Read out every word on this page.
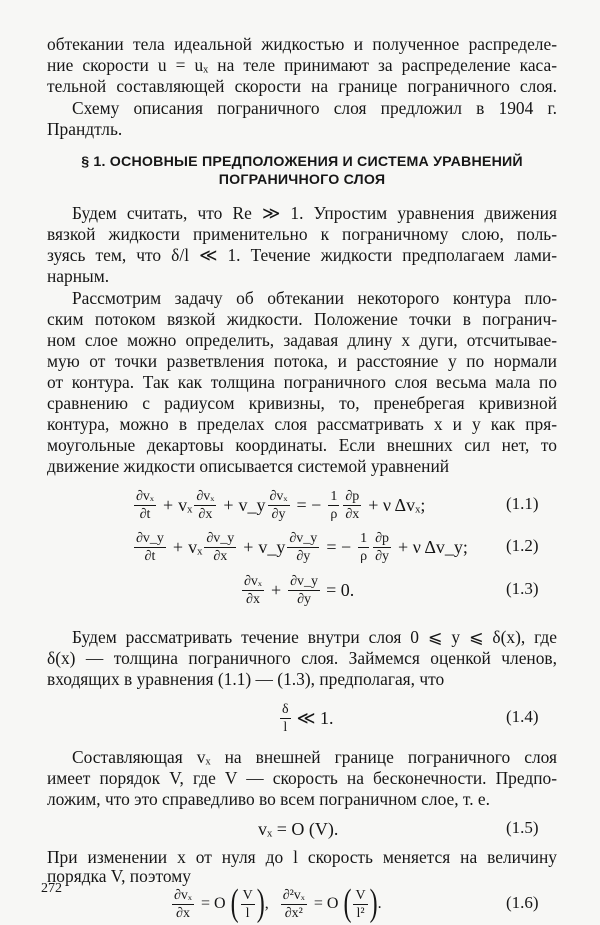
обтекании тела идеальной жидкостью и полученное распределе-
ние скорости u = uₓ на теле принимают за распределение каса-
тельной составляющей скорости на границе пограничного слоя.
Схему описания пограничного слоя предложил в 1904 г.
Прандтль.
§ 1. ОСНОВНЫЕ ПРЕДПОЛОЖЕНИЯ И СИСТЕМА УРАВНЕНИЙ
ПОГРАНИЧНОГО СЛОЯ
Будем считать, что Re ≫ 1. Упростим уравнения движения
вязкой жидкости применительно к пограничному слою, поль-
зуясь тем, что δ/l ≪ 1. Течение жидкости предполагаем лами-
нарным.
Рассмотрим задачу об обтекании некоторого контура пло-
ским потоком вязкой жидкости. Положение точки в погранич-
ном слое можно определить, задавая длину x дуги, отсчитывае-
мую от точки разветвления потока, и расстояние y по нормали
от контура. Так как толщина пограничного слоя весьма мала по
сравнению с радиусом кривизны, то, пренебрегая кривизной
контура, можно в пределах слоя рассматривать x и y как пря-
моугольные декартовы координаты. Если внешних сил нет, то
движение жидкости описывается системой уравнений
$\frac{\text{∂vₓ}}{\partial t} + v_x \frac{\text{∂vₓ}}{\partial x}$ + v_y $\frac{\text{∂vₓ}}{\partial y}$ = − $\frac{1}{\rho} \frac{\partial p}{\partial x} + \nu$ Δvₓ;	(1.1)
$\frac{\partial v\_y}{\partial t} + v_x \frac{\partial v\_y}{\partial x}$ + v_y $\frac{\partial v\_y}{\partial y}$ = − $\frac{1}{\rho} \frac{\partial p}{\partial y} + \nu$ Δv_y; (1.2)
$\frac{\text{∂vₓ}}{\partial x} + \frac{\partial v\_y}{\partial y} = 0$.	(1.3)
Будем рассматривать течение внутри слоя 0 ⩽ y ⩽ δ(x), где
δ(x) — толщина пограничного слоя. Займемся оценкой членов,
входящих в уравнения (1.1) — (1.3), предполагая, что
$\frac{\delta}{l}$ ≪ 1.	(1.4)
Составляющая vₓ на внешней границе пограничного слоя
имеет порядок V, где V — скорость на бесконечности. Предпо-
ложим, что это справедливо во всем пограничном слое, т. е.
vₓ = O (V).	(1.5)
При изменении x от нуля до l скорость меняется на величину
порядка V, поэтому
272	$\frac{\text{∂vₓ}}{\partial x} = O$ ( $\frac{V}{l}$ ) , $\frac{\text{∂²vₓ}}{\text{∂x²}} = O$ ( $\frac{V}{\text{l²}}$ ) .	(1.6)
